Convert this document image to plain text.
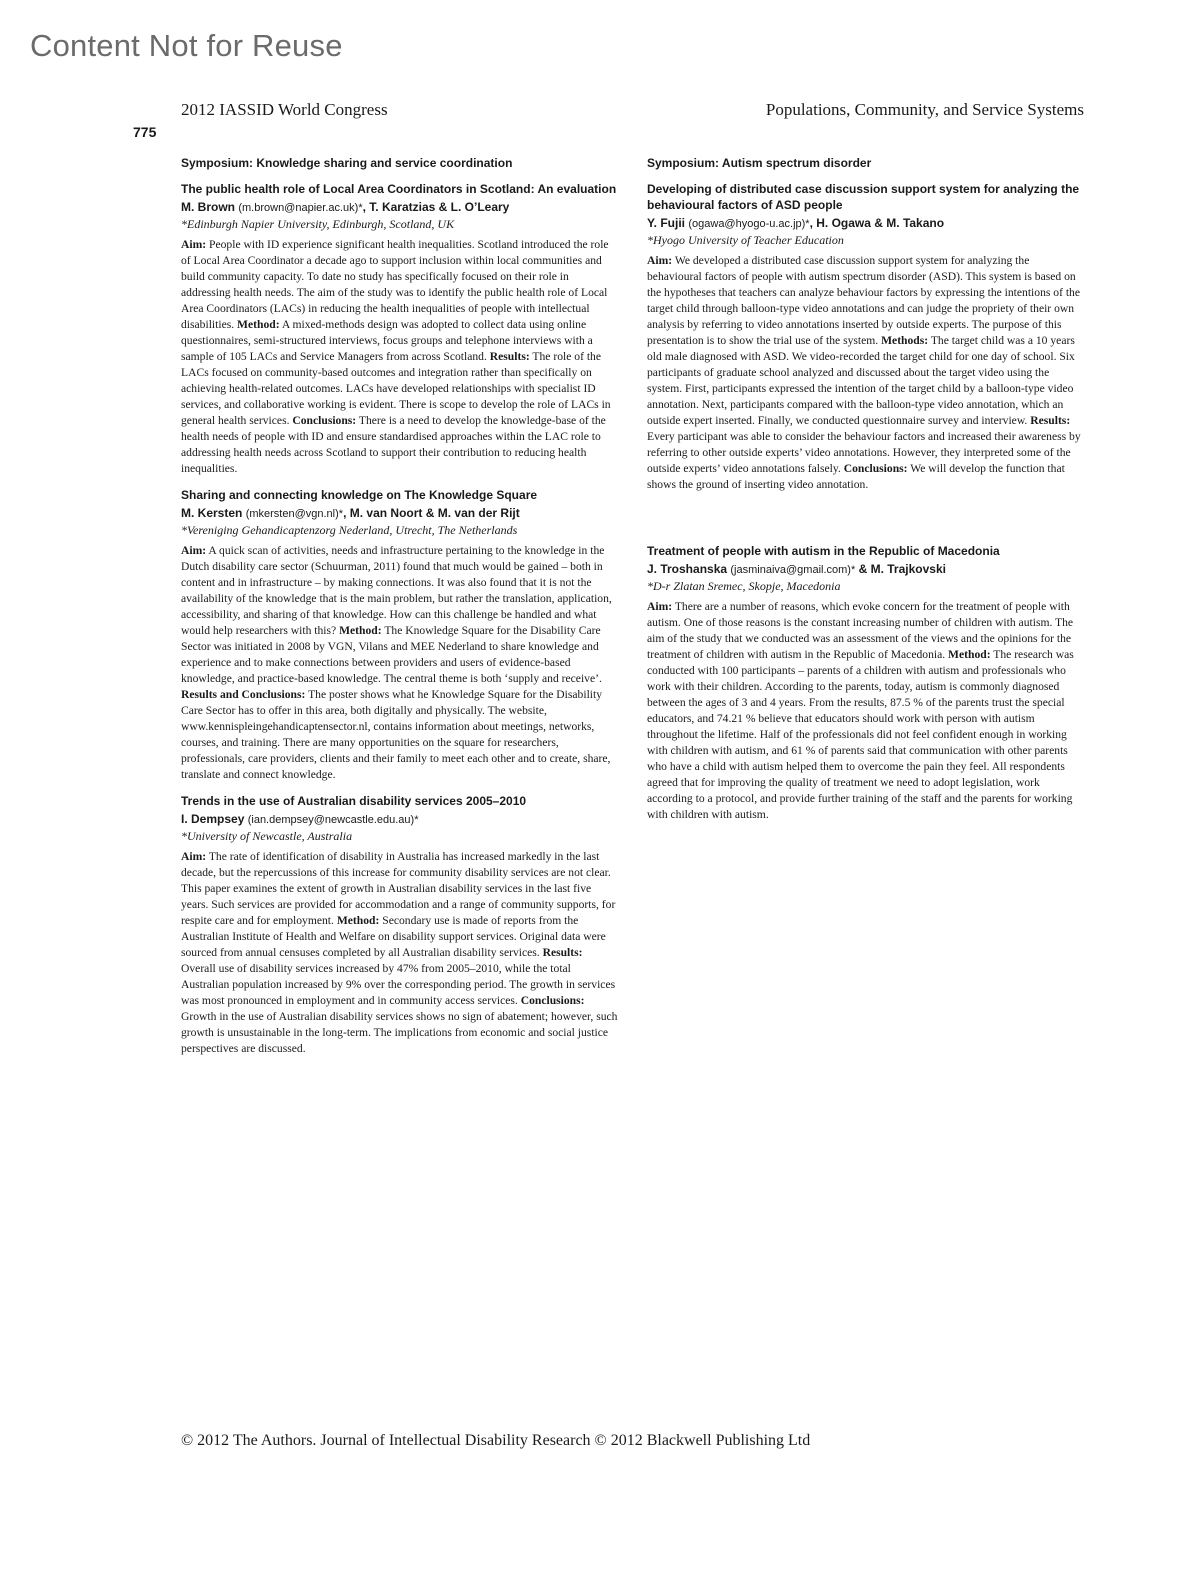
Content Not for Reuse
2012 IASSID World Congress	Populations, Community, and Service Systems
775
Symposium: Knowledge sharing and service coordination
The public health role of Local Area Coordinators in Scotland: An evaluation
M. Brown (m.brown@napier.ac.uk)*, T. Karatzias & L. O’Leary
*Edinburgh Napier University, Edinburgh, Scotland, UK
Aim: People with ID experience significant health inequalities. Scotland introduced the role of Local Area Coordinator a decade ago to support inclusion within local communities and build community capacity. To date no study has specifically focused on their role in addressing health needs. The aim of the study was to identify the public health role of Local Area Coordinators (LACs) in reducing the health inequalities of people with intellectual disabilities. Method: A mixed-methods design was adopted to collect data using online questionnaires, semi-structured interviews, focus groups and telephone interviews with a sample of 105 LACs and Service Managers from across Scotland. Results: The role of the LACs focused on community-based outcomes and integration rather than specifically on achieving health-related outcomes. LACs have developed relationships with specialist ID services, and collaborative working is evident. There is scope to develop the role of LACs in general health services. Conclusions: There is a need to develop the knowledge-base of the health needs of people with ID and ensure standardised approaches within the LAC role to addressing health needs across Scotland to support their contribution to reducing health inequalities.
Sharing and connecting knowledge on The Knowledge Square
M. Kersten (mkersten@vgn.nl)*, M. van Noort & M. van der Rijt
*Vereniging Gehandicaptenzorg Nederland, Utrecht, The Netherlands
Aim: A quick scan of activities, needs and infrastructure pertaining to the knowledge in the Dutch disability care sector (Schuurman, 2011) found that much would be gained – both in content and in infrastructure – by making connections. It was also found that it is not the availability of the knowledge that is the main problem, but rather the translation, application, accessibility, and sharing of that knowledge. How can this challenge be handled and what would help researchers with this? Method: The Knowledge Square for the Disability Care Sector was initiated in 2008 by VGN, Vilans and MEE Nederland to share knowledge and experience and to make connections between providers and users of evidence-based knowledge, and practice-based knowledge. The central theme is both ‘supply and receive’. Results and Conclusions: The poster shows what he Knowledge Square for the Disability Care Sector has to offer in this area, both digitally and physically. The website, www.kennispleingehandicaptensector.nl, contains information about meetings, networks, courses, and training. There are many opportunities on the square for researchers, professionals, care providers, clients and their family to meet each other and to create, share, translate and connect knowledge.
Trends in the use of Australian disability services 2005–2010
I. Dempsey (ian.dempsey@newcastle.edu.au)*
*University of Newcastle, Australia
Aim: The rate of identification of disability in Australia has increased markedly in the last decade, but the repercussions of this increase for community disability services are not clear. This paper examines the extent of growth in Australian disability services in the last five years. Such services are provided for accommodation and a range of community supports, for respite care and for employment. Method: Secondary use is made of reports from the Australian Institute of Health and Welfare on disability support services. Original data were sourced from annual censuses completed by all Australian disability services. Results: Overall use of disability services increased by 47% from 2005–2010, while the total Australian population increased by 9% over the corresponding period. The growth in services was most pronounced in employment and in community access services. Conclusions: Growth in the use of Australian disability services shows no sign of abatement; however, such growth is unsustainable in the long-term. The implications from economic and social justice perspectives are discussed.
Symposium: Autism spectrum disorder
Developing of distributed case discussion support system for analyzing the behavioural factors of ASD people
Y. Fujii (ogawa@hyogo-u.ac.jp)*, H. Ogawa & M. Takano
*Hyogo University of Teacher Education
Aim: We developed a distributed case discussion support system for analyzing the behavioural factors of people with autism spectrum disorder (ASD). This system is based on the hypotheses that teachers can analyze behaviour factors by expressing the intentions of the target child through balloon-type video annotations and can judge the propriety of their own analysis by referring to video annotations inserted by outside experts. The purpose of this presentation is to show the trial use of the system. Methods: The target child was a 10 years old male diagnosed with ASD. We video-recorded the target child for one day of school. Six participants of graduate school analyzed and discussed about the target video using the system. First, participants expressed the intention of the target child by a balloon-type video annotation. Next, participants compared with the balloon-type video annotation, which an outside expert inserted. Finally, we conducted questionnaire survey and interview. Results: Every participant was able to consider the behaviour factors and increased their awareness by referring to other outside experts’ video annotations. However, they interpreted some of the outside experts’ video annotations falsely. Conclusions: We will develop the function that shows the ground of inserting video annotation.
Treatment of people with autism in the Republic of Macedonia
J. Troshanska (jasminaiva@gmail.com)* & M. Trajkovski
*D-r Zlatan Sremec, Skopje, Macedonia
Aim: There are a number of reasons, which evoke concern for the treatment of people with autism. One of those reasons is the constant increasing number of children with autism. The aim of the study that we conducted was an assessment of the views and the opinions for the treatment of children with autism in the Republic of Macedonia. Method: The research was conducted with 100 participants – parents of a children with autism and professionals who work with their children. According to the parents, today, autism is commonly diagnosed between the ages of 3 and 4 years. From the results, 87.5 % of the parents trust the special educators, and 74.21 % believe that educators should work with person with autism throughout the lifetime. Half of the professionals did not feel confident enough in working with children with autism, and 61 % of parents said that communication with other parents who have a child with autism helped them to overcome the pain they feel. All respondents agreed that for improving the quality of treatment we need to adopt legislation, work according to a protocol, and provide further training of the staff and the parents for working with children with autism.
© 2012 The Authors. Journal of Intellectual Disability Research © 2012 Blackwell Publishing Ltd
